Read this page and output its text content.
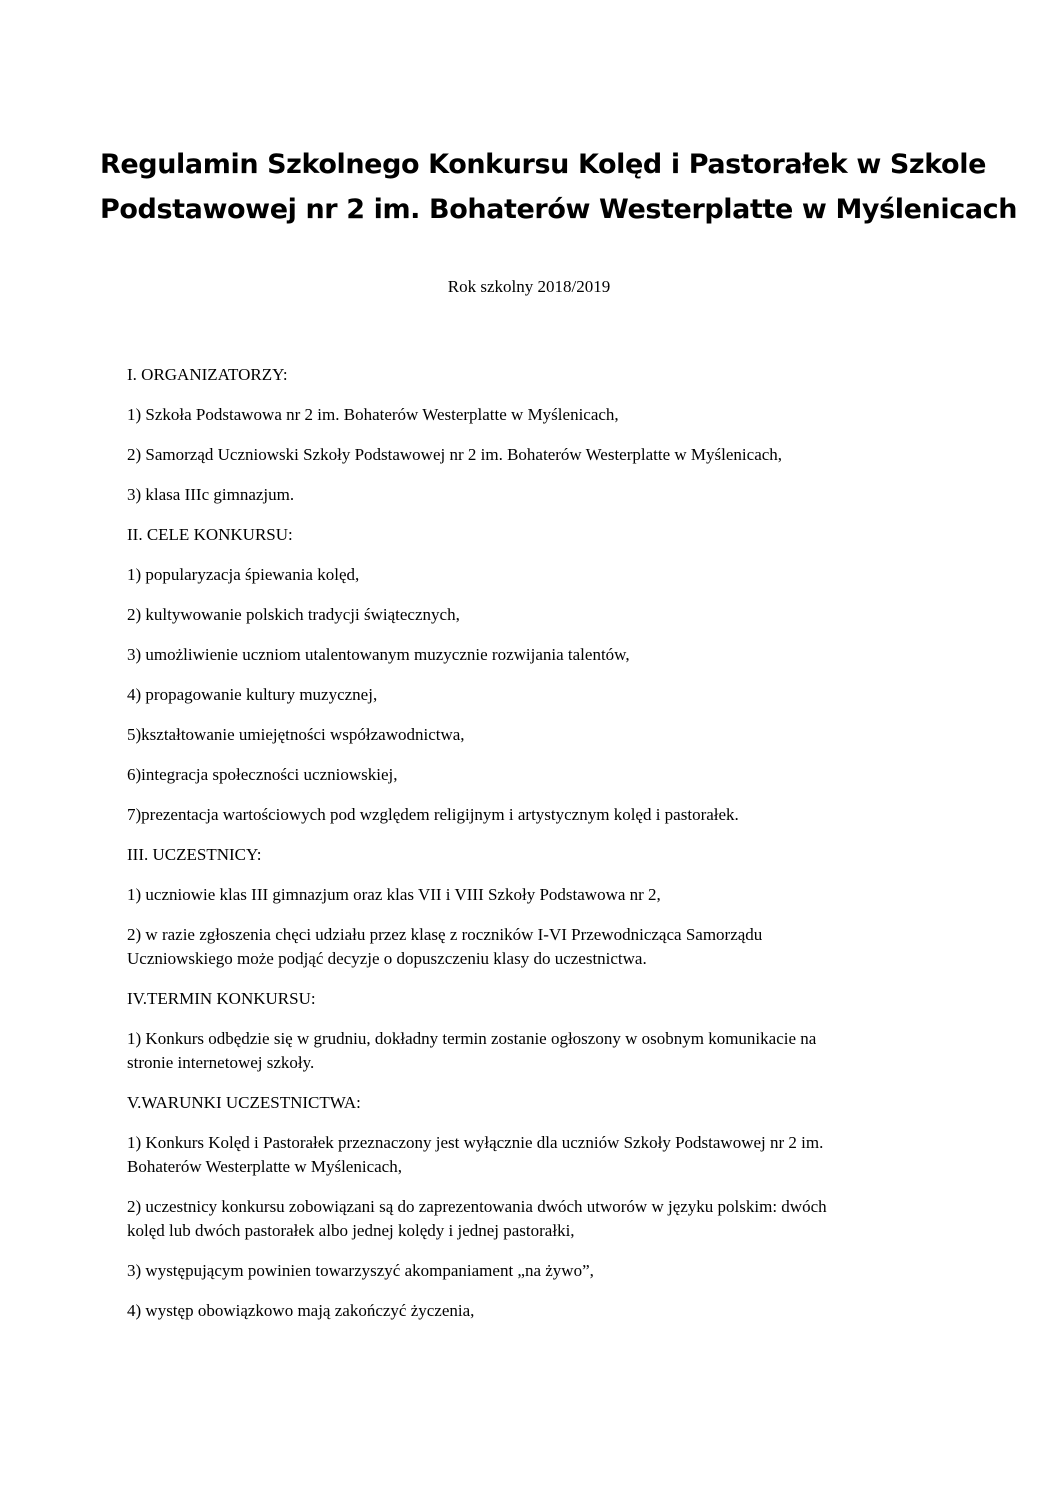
Regulamin Szkolnego Konkursu Kolęd i Pastorałek w Szkole
Podstawowej nr 2 im. Bohaterów Westerplatte w Myślenicach
Rok szkolny 2018/2019
I. ORGANIZATORZY:
1) Szkoła Podstawowa nr 2 im. Bohaterów Westerplatte w Myślenicach,
2) Samorząd Uczniowski Szkoły Podstawowej nr 2 im. Bohaterów Westerplatte w Myślenicach,
3) klasa IIIc gimnazjum.
II. CELE KONKURSU:
1) popularyzacja śpiewania kolęd,
2) kultywowanie polskich tradycji świątecznych,
3) umożliwienie uczniom utalentowanym muzycznie rozwijania talentów,
4) propagowanie kultury muzycznej,
5)kształtowanie umiejętności współzawodnictwa,
6)integracja społeczności uczniowskiej,
7)prezentacja wartościowych pod względem religijnym i artystycznym kolęd i pastorałek.
III. UCZESTNICY:
1) uczniowie klas III gimnazjum oraz klas VII i VIII Szkoły Podstawowa nr 2,
2) w razie zgłoszenia chęci udziału przez klasę z roczników I-VI Przewodnicząca Samorządu
Uczniowskiego może podjąć decyzje o dopuszczeniu klasy do uczestnictwa.
IV.TERMIN KONKURSU:
1) Konkurs odbędzie się w grudniu, dokładny termin zostanie ogłoszony w osobnym komunikacie na
stronie internetowej szkoły.
V.WARUNKI UCZESTNICTWA:
1) Konkurs Kolęd i Pastorałek przeznaczony jest wyłącznie dla uczniów Szkoły Podstawowej nr 2 im.
Bohaterów Westerplatte w Myślenicach,
2) uczestnicy konkursu zobowiązani są do zaprezentowania dwóch utworów w języku polskim: dwóch
kolęd lub dwóch pastorałek albo jednej kolędy i jednej pastorałki,
3) występującym powinien towarzyszyć akompaniament „na żywo”,
4) występ obowiązkowo mają zakończyć życzenia,
